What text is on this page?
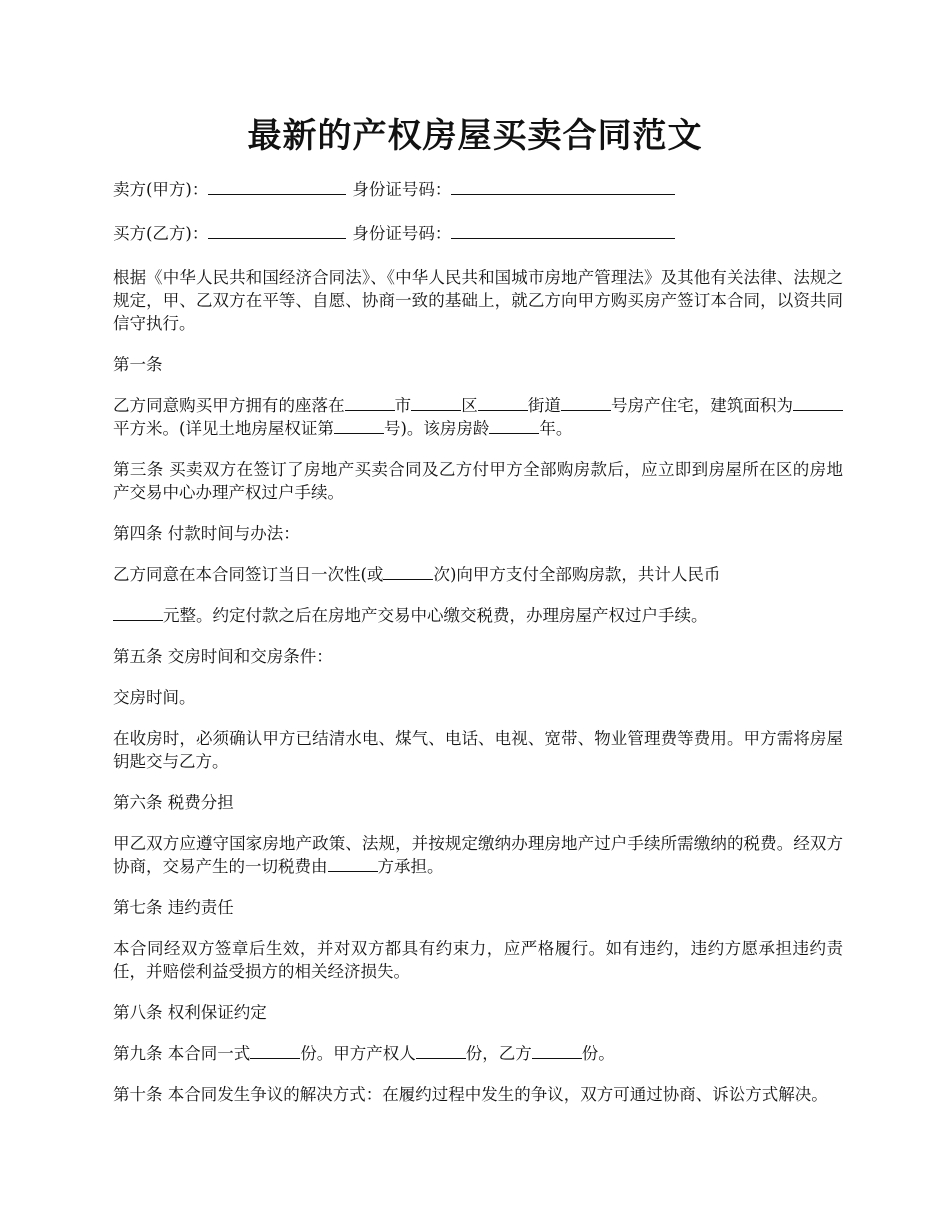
最新的产权房屋买卖合同范文

卖方(甲方)：	身份证号码：

买方(乙方)：	身份证号码：

根据《中华人民共和国经济合同法》、《中华人民共和国城市房地产管理法》及其他有关法律、法规之规定，甲、乙双方在平等、自愿、协商一致的基础上，就乙方向甲方购买房产签订本合同，以资共同信守执行。

第一条

乙方同意购买甲方拥有的座落在	市	区	街道	号房产住宅，建筑面积为平方米。(详见土地房屋权证第	号)。该房房龄	年。

第三条 买卖双方在签订了房地产买卖合同及乙方付甲方全部购房款后，应立即到房屋所在区的房地产交易中心办理产权过户手续。

第四条 付款时间与办法：

乙方同意在本合同签订当日一次性(或	次)向甲方支付全部购房款，共计人民币

元整。约定付款之后在房地产交易中心缴交税费，办理房屋产权过户手续。

第五条 交房时间和交房条件：

交房时间。

在收房时，必须确认甲方已结清水电、煤气、电话、电视、宽带、物业管理费等费用。甲方需将房屋钥匙交与乙方。

第六条 税费分担

甲乙双方应遵守国家房地产政策、法规，并按规定缴纳办理房地产过户手续所需缴纳的税费。经双方协商，交易产生的一切税费由	方承担。

第七条 违约责任

本合同经双方签章后生效，并对双方都具有约束力，应严格履行。如有违约，违约方愿承担违约责任，并赔偿利益受损方的相关经济损失。

第八条 权利保证约定

第九条 本合同一式	份。甲方产权人	份，乙方	份。

第十条 本合同发生争议的解决方式：在履约过程中发生的争议，双方可通过协商、诉讼方式解决。
